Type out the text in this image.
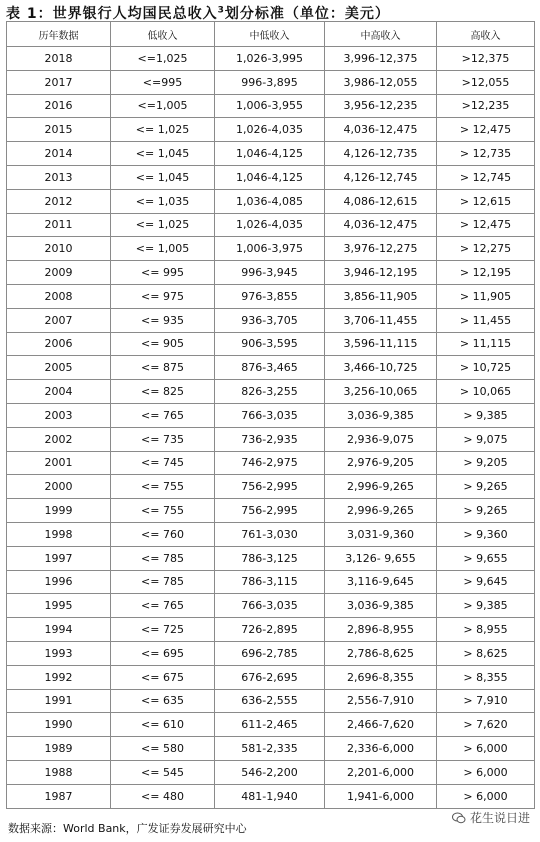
表 1：世界银行人均国民总收入$^3$划分标准（单位：美元）
历年数据	低收入	中低收入	中高收入	高收入
2018	<=1,025	1,026-3,995	3,996-12,375	>12,375
2017	<=995	996-3,895	3,986-12,055	>12,055
2016	<=1,005	1,006-3,955	3,956-12,235	>12,235
2015	<= 1,025	1,026-4,035	4,036-12,475	> 12,475
2014	<= 1,045	1,046-4,125	4,126-12,735	> 12,735
2013	<= 1,045	1,046-4,125	4,126-12,745	> 12,745
2012	<= 1,035	1,036-4,085	4,086-12,615	> 12,615
2011	<= 1,025	1,026-4,035	4,036-12,475	> 12,475
2010	<= 1,005	1,006-3,975	3,976-12,275	> 12,275
2009	<= 995	996-3,945	3,946-12,195	> 12,195
2008	<= 975	976-3,855	3,856-11,905	> 11,905
2007	<= 935	936-3,705	3,706-11,455	> 11,455
2006	<= 905	906-3,595	3,596-11,115	> 11,115
2005	<= 875	876-3,465	3,466-10,725	> 10,725
2004	<= 825	826-3,255	3,256-10,065	> 10,065
2003	<= 765	766-3,035	3,036-9,385	> 9,385
2002	<= 735	736-2,935	2,936-9,075	> 9,075
2001	<= 745	746-2,975	2,976-9,205	> 9,205
2000	<= 755	756-2,995	2,996-9,265	> 9,265
1999	<= 755	756-2,995	2,996-9,265	> 9,265
1998	<= 760	761-3,030	3,031-9,360	> 9,360
1997	<= 785	786-3,125	3,126- 9,655	> 9,655
1996	<= 785	786-3,115	3,116-9,645	> 9,645
1995	<= 765	766-3,035	3,036-9,385	> 9,385
1994	<= 725	726-2,895	2,896-8,955	> 8,955
1993	<= 695	696-2,785	2,786-8,625	> 8,625
1992	<= 675	676-2,695	2,696-8,355	> 8,355
1991	<= 635	636-2,555	2,556-7,910	> 7,910
1990	<= 610	611-2,465	2,466-7,620	> 7,620
1989	<= 580	581-2,335	2,336-6,000	> 6,000
1988	<= 545	546-2,200	2,201-6,000	> 6,000
1987	<= 480	481-1,940	1,941-6,000	> 6,000
数据来源：World Bank，广发证券发展研究中心
花生说日进
